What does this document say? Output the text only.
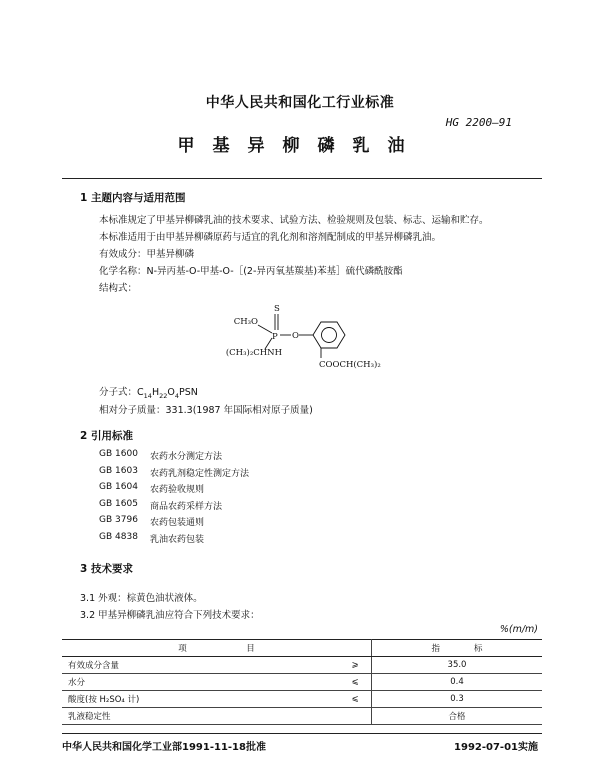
中华人民共和国化工行业标准
HG 2200—91
甲基异柳磷乳油
1 主题内容与适用范围
本标准规定了甲基异柳磷乳油的技术要求、试验方法、检验规则及包装、标志、运输和贮存。
本标准适用于由甲基异柳磷原药与适宜的乳化剂和溶剂配制成的甲基异柳磷乳油。
有效成分：甲基异柳磷
化学名称：N-异丙基-O-甲基-O-［(2-异丙氧基羰基)苯基］硫代磷酰胺酯
结构式：
S
CH₃O
P O
(CH₃)₂CHNH
COOCH(CH₃)₂
分子式：$C_{14}H_{22}O_4PSN$
相对分子质量：331.3(1987 年国际相对原子质量)
2 引用标准
GB 1600 农药水分测定方法
GB 1603 农药乳剂稳定性测定方法
GB 1604 农药验收规则
GB 1605 商品农药采样方法
GB 3796 农药包装通则
GB 4838 乳油农药包装
3 技术要求
3.1 外观：棕黄色油状液体。
3.2 甲基异柳磷乳油应符合下列技术要求：
%(m/m)
项　　　　　　　目		指　　　　标
有效成分含量	⩾	35.0
水分	⩽	0.4
酸度(按 H₂SO₄ 计)	⩽	0.3
乳液稳定性		合格
中华人民共和国化学工业部1991-11-18批准	1992-07-01实施
